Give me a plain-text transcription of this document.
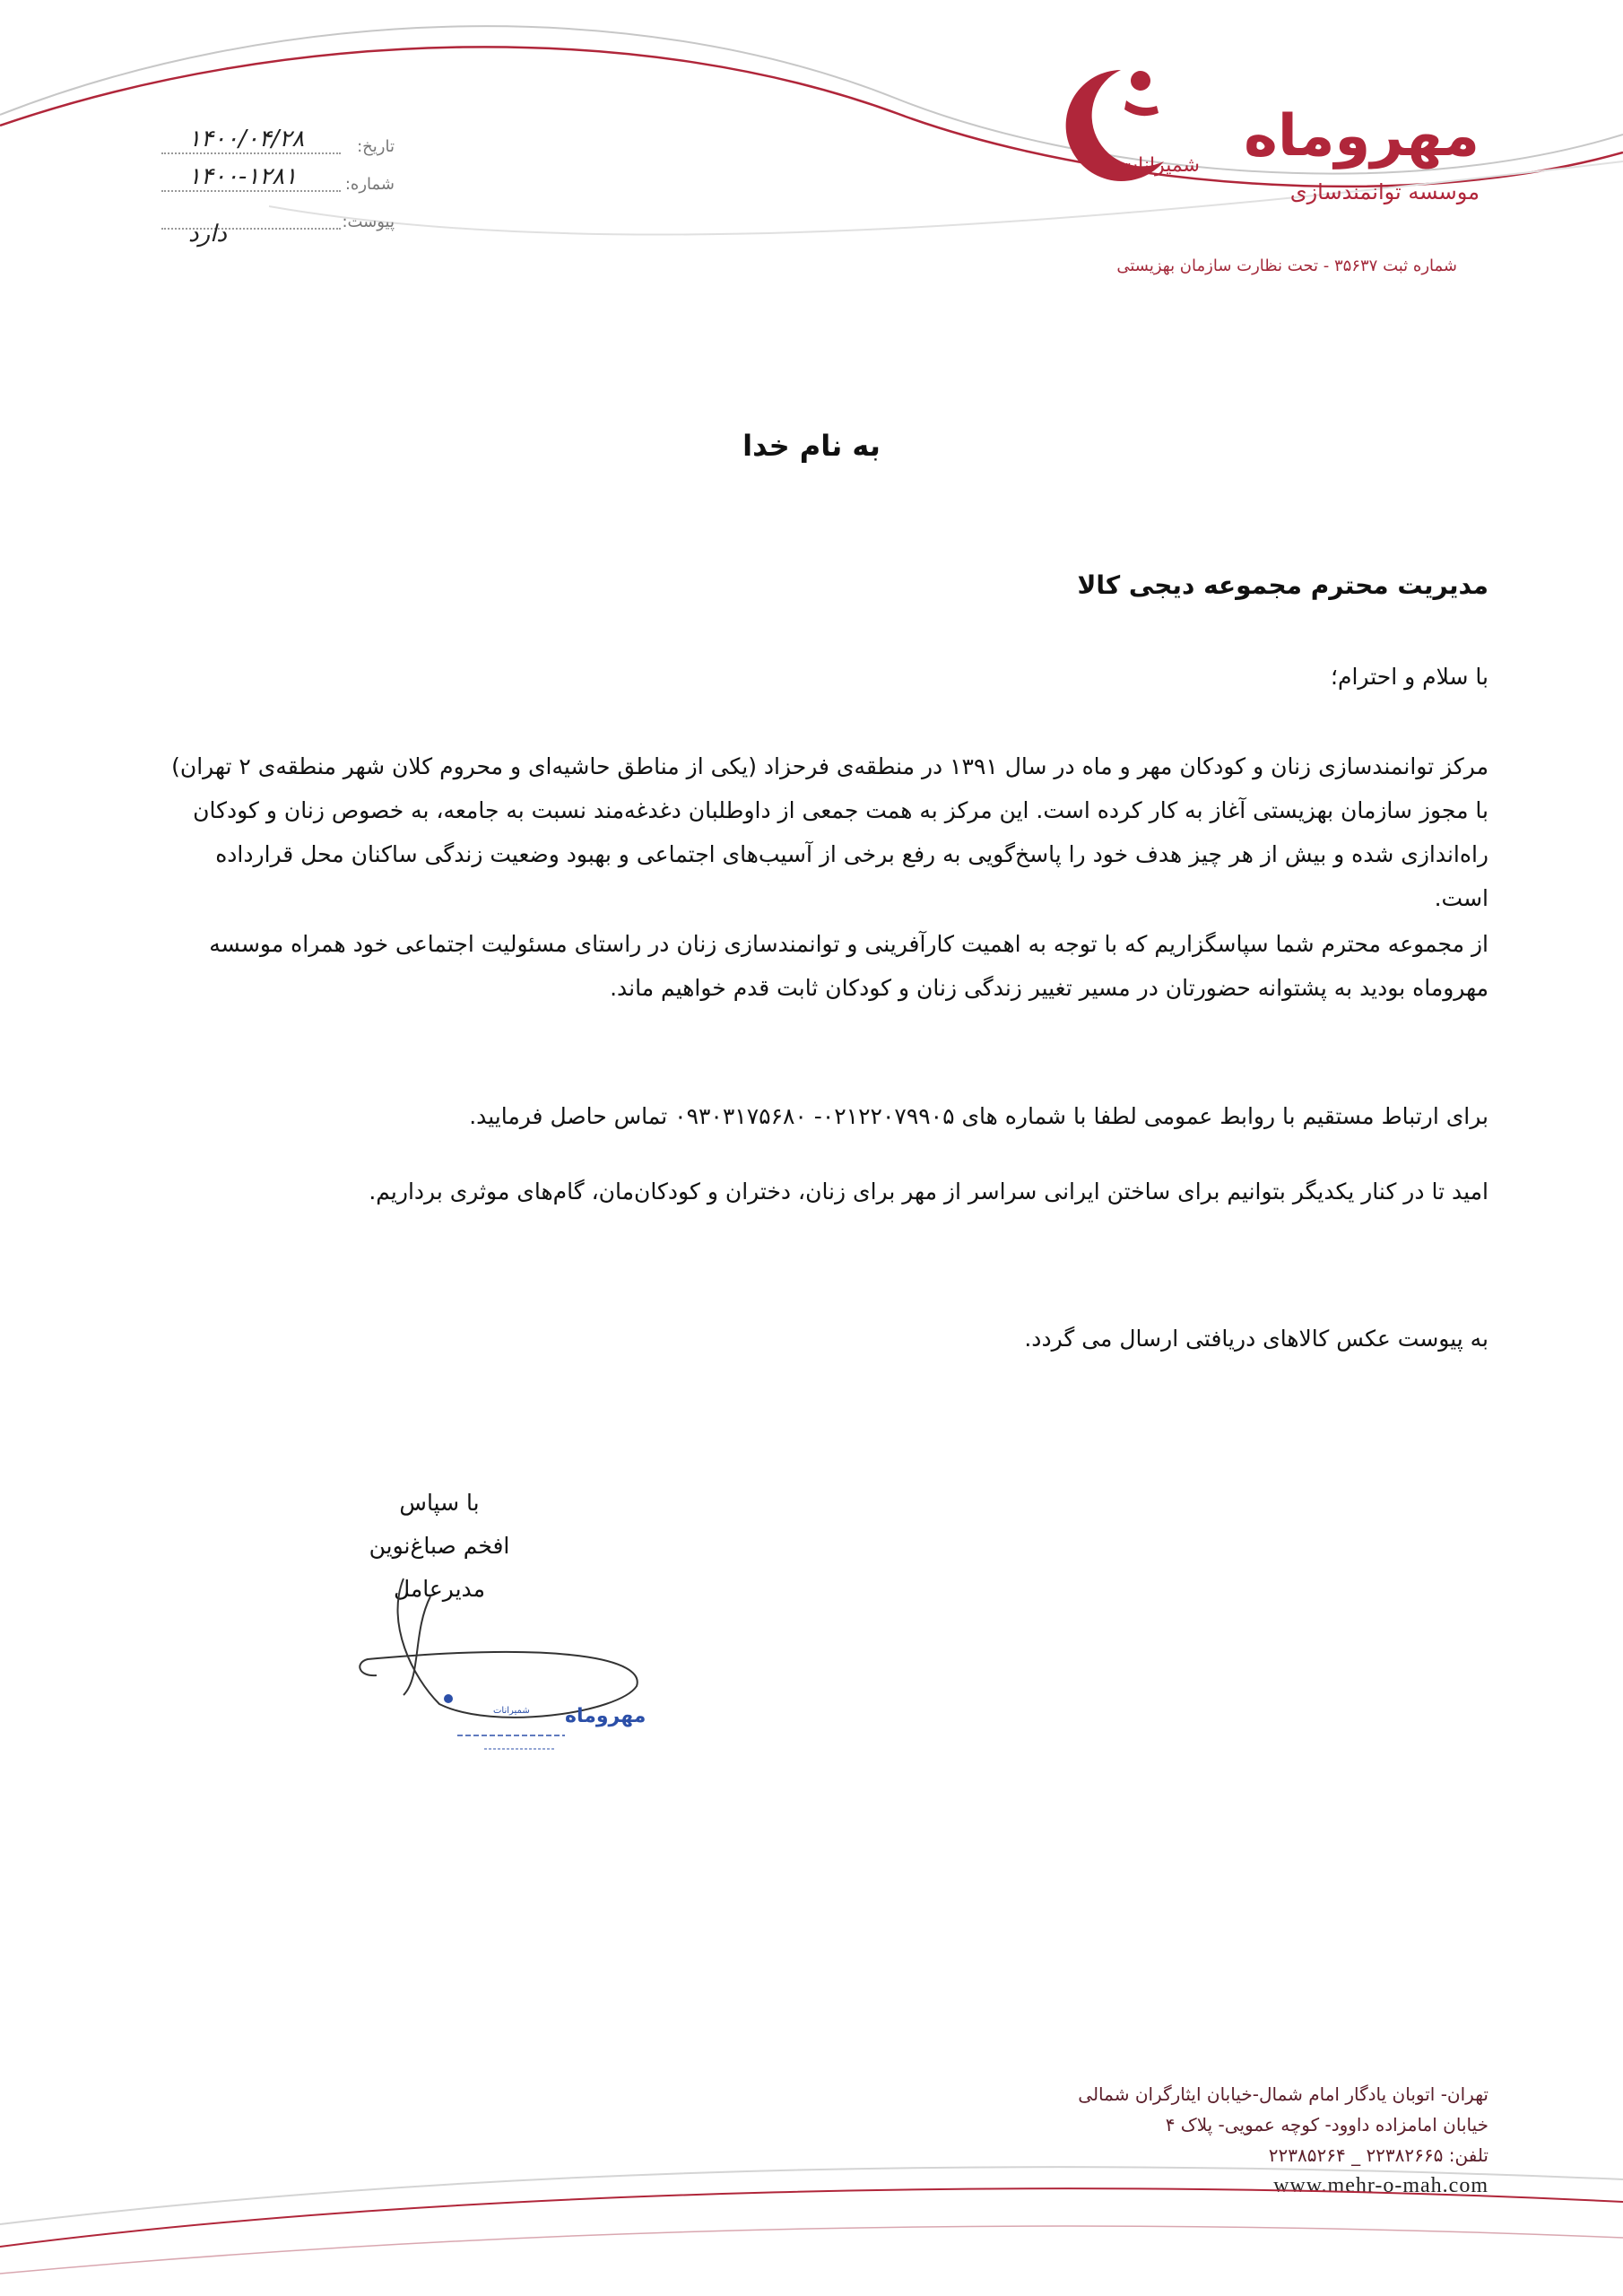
مهروماه
شمیرانات
موسسه توانمندسازی
شماره ثبت ۳۵۶۳۷ - تحت نظارت سازمان بهزیستی
تاریخ:
۱۴۰۰/۰۴/۲۸
شماره:
۱۴۰۰-۱۲۸۱
پیوست:
دارد
به نام خدا
مدیریت محترم مجموعه دیجی کالا
با سلام و احترام؛
مرکز توانمندسازی زنان و کودکان مهر و ماه در سال ۱۳۹۱ در منطقه‌ی فرحزاد (یکی از مناطق حاشیه‌ای و محروم کلان شهر منطقه‌ی ۲ تهران)
با مجوز سازمان بهزیستی آغاز به کار کرده است. این مرکز به همت جمعی از داوطلبان دغدغه‌مند نسبت به جامعه، به خصوص زنان و کودکان
راه‌اندازی شده و بیش از هر چیز هدف خود را پاسخ‌گویی به رفع برخی از آسیب‌های اجتماعی و بهبود وضعیت زندگی ساکنان محل قرارداده
است.
از مجموعه محترم شما سپاسگزاریم که با توجه به اهمیت کارآفرینی و توانمندسازی زنان در راستای مسئولیت اجتماعی خود همراه موسسه
مهروماه بودید به پشتوانه حضورتان در مسیر تغییر زندگی زنان و کودکان ثابت قدم خواهیم ماند.
برای ارتباط مستقیم با روابط عمومی لطفا با شماره های ۰۲۱۲۲۰۷۹۹۰۵- ۰۹۳۰۳۱۷۵۶۸۰ تماس حاصل فرمایید.
امید تا در کنار یکدیگر بتوانیم برای ساختن ایرانی سراسر از مهر برای زنان، دختران و کودکان‌مان، گام‌های موثری برداریم.
به پیوست عکس کالاهای دریافتی ارسال می گردد.
با سپاس
افخم صباغ‌نوین
مدیرعامل
مهروماه
شمیرانات
تهران- اتوبان یادگار امام شمال-خیابان ایثارگران شمالی
خیابان امامزاده داوود- کوچه عمویی- پلاک ۴
تلفن: ۲۲۳۸۲۶۶۵ _ ۲۲۳۸۵۲۶۴
www.mehr-o-mah.com
